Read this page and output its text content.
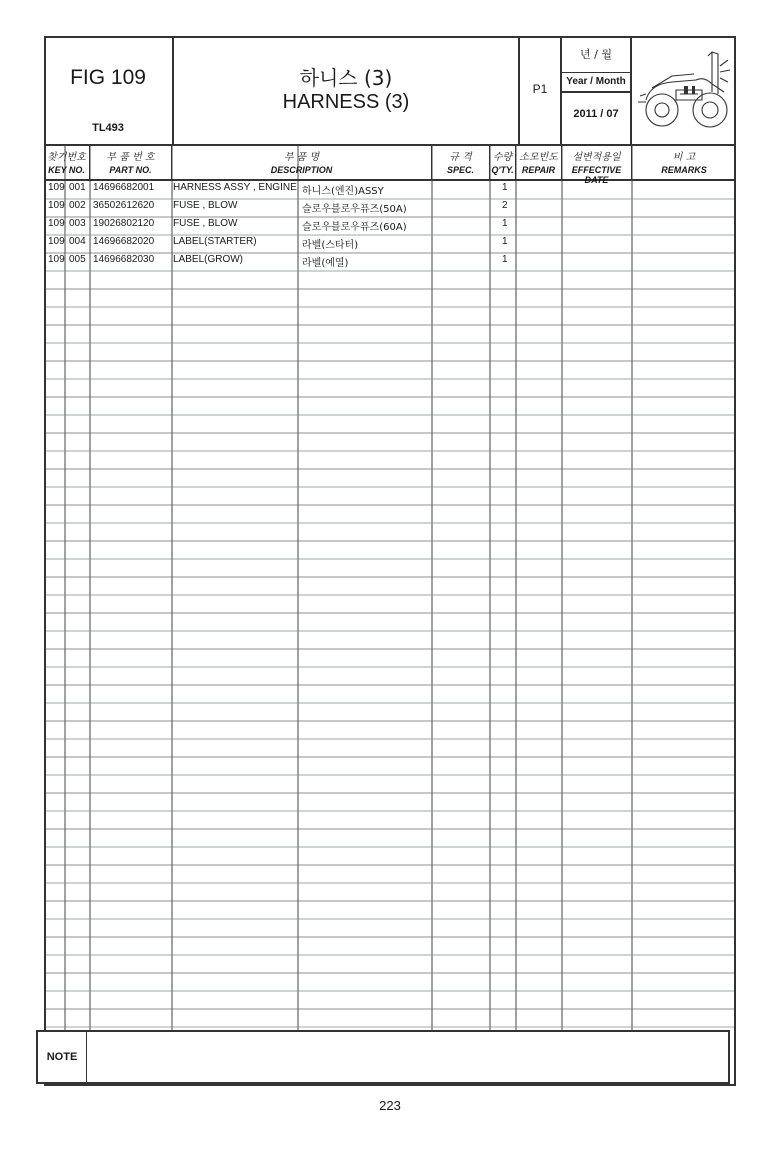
FIG 109
TL493
하니스 (3)
HARNESS (3)
P1
년 / 월
Year / Month
2011 / 07
찾기번호
KEY NO.
부 품 번 호
PART NO.
부 품 명
DESCRIPTION
규 격
SPEC.
수량
Q'TY.
소모빈도
REPAIR
설변적용일
EFFECTIVE DATE
비 고
REMARKS
109 001 14696682001 HARNESS ASSY , ENGINE 하니스(엔진)ASSY	1
109 002 36502612620 FUSE , BLOW	슬로우블로우퓨즈(50A)	2
109 003 19026802120 FUSE , BLOW	슬로우블로우퓨즈(60A)	1
109 004 14696682020 LABEL(STARTER)	라벨(스타터)	1
109 005 14696682030 LABEL(GROW)	라벨(예열)	1
NOTE
223
